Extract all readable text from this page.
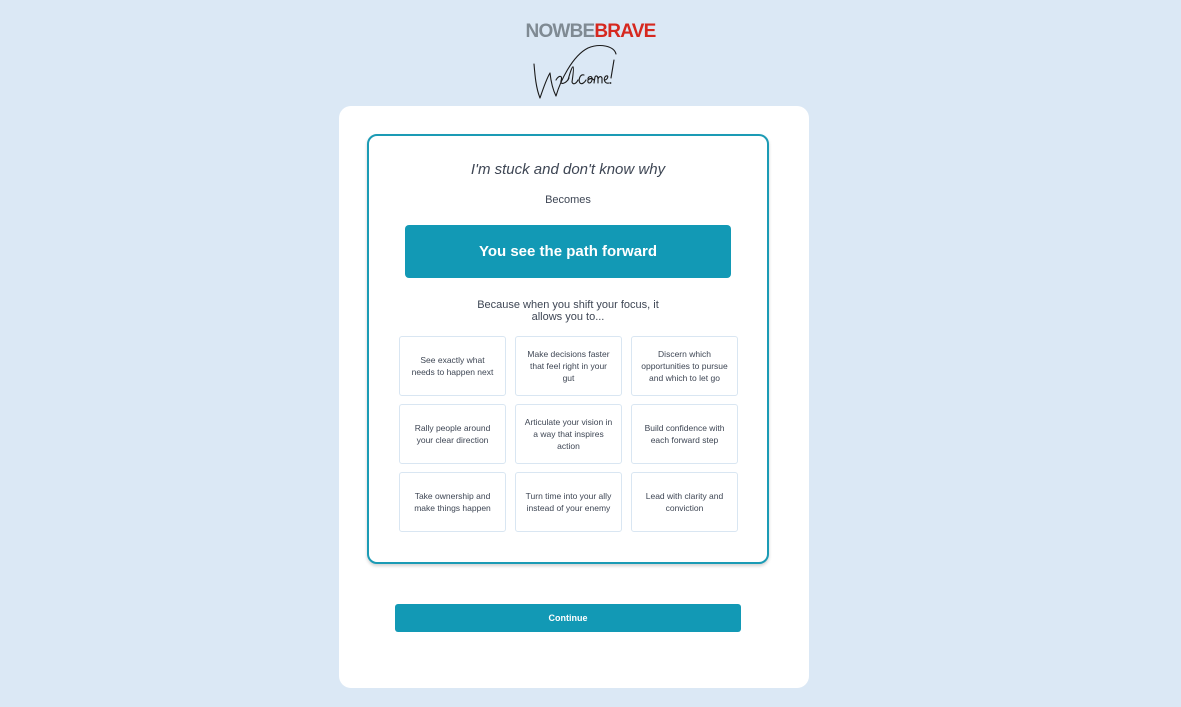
NOWBEBRAVE
I'm stuck and don't know why
Becomes
You see the path forward
Because when you shift your focus, it allows you to...
See exactly what needs to happen next
Make decisions faster that feel right in your gut
Discern which opportunities to pursue and which to let go
Rally people around your clear direction
Articulate your vision in a way that inspires action
Build confidence with each forward step
Take ownership and make things happen
Turn time into your ally instead of your enemy
Lead with clarity and conviction
Continue
